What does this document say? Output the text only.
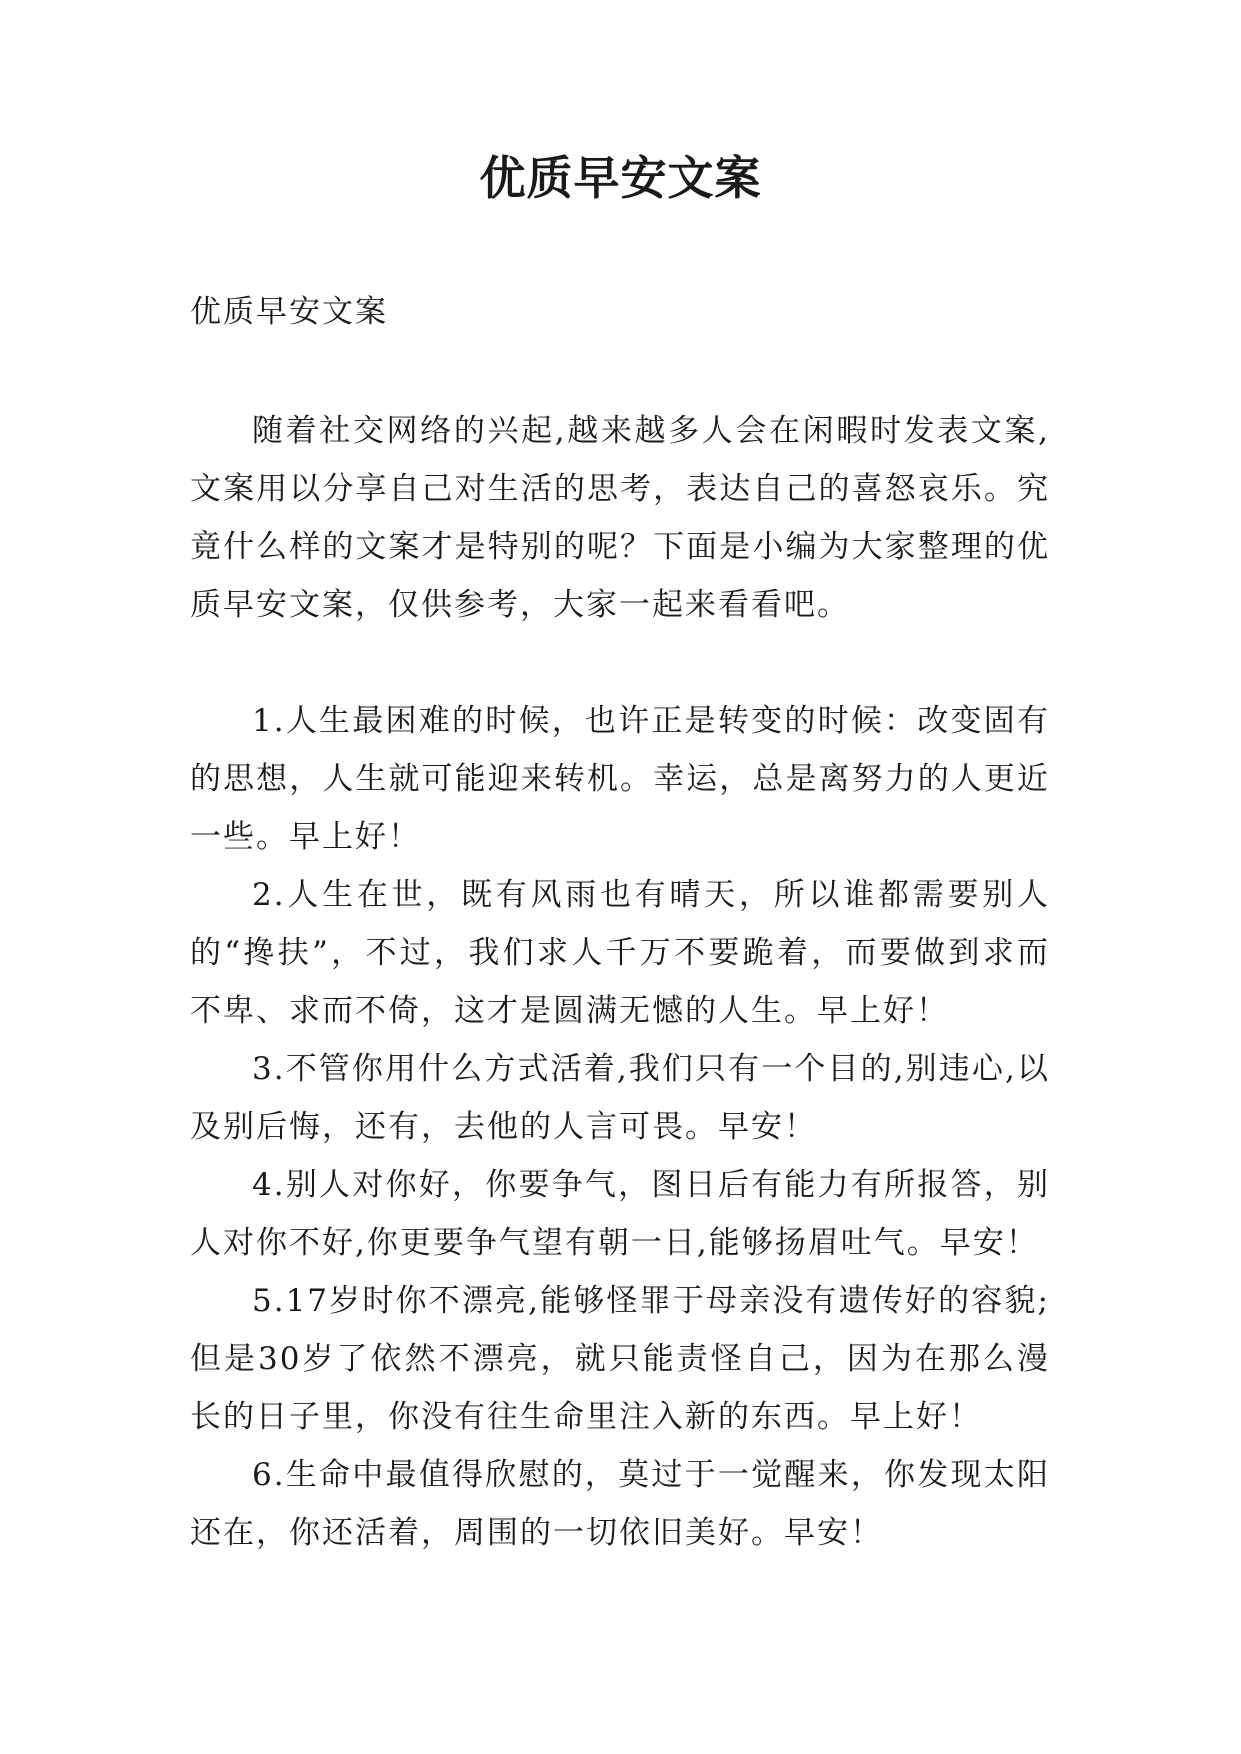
优质早安文案
优质早安文案

随着社交网络的兴起,越来越多人会在闲暇时发表文案,文案用以分享自己对生活的思考，表达自己的喜怒哀乐。究竟什么样的文案才是特别的呢？下面是小编为大家整理的优质早安文案，仅供参考，大家一起来看看吧。

1.人生最困难的时候，也许正是转变的时候：改变固有的思想，人生就可能迎来转机。幸运，总是离努力的人更近一些。早上好！

2.人生在世，既有风雨也有晴天，所以谁都需要别人的“搀扶”，不过，我们求人千万不要跪着，而要做到求而不卑、求而不倚，这才是圆满无憾的人生。早上好！

3.不管你用什么方式活着,我们只有一个目的,别违心,以及别后悔，还有，去他的人言可畏。早安！

4.别人对你好，你要争气，图日后有能力有所报答，别人对你不好,你更要争气望有朝一日,能够扬眉吐气。早安！

5.17岁时你不漂亮,能够怪罪于母亲没有遗传好的容貌;但是30岁了依然不漂亮，就只能责怪自己，因为在那么漫长的日子里，你没有往生命里注入新的东西。早上好！

6.生命中最值得欣慰的，莫过于一觉醒来，你发现太阳还在，你还活着，周围的一切依旧美好。早安！
